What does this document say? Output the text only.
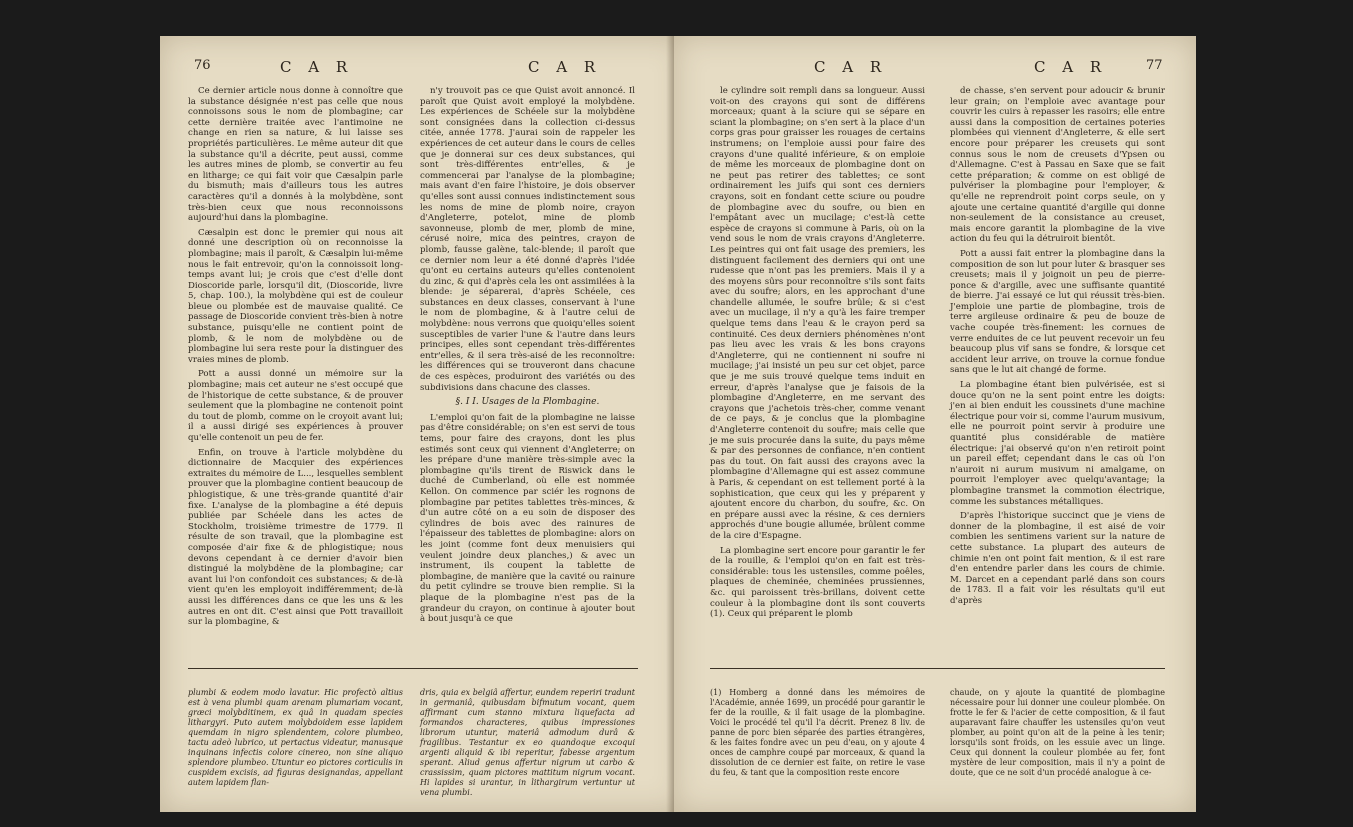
76	C A R	C A R

Ce dernier article nous donne à connoître que la substance désignée n'est pas celle que nous connoissons sous le nom de plombagine; car cette dernière traitée avec l'antimoine ne change en rien sa nature, & lui laisse ses propriétés particulières. Le même auteur dit que la substance qu'il a décrite, peut aussi, comme les autres mines de plomb, se convertir au feu en litharge; ce qui fait voir que Cæsalpin parle du bismuth; mais d'ailleurs tous les autres caractères qu'il a donnés à la molybdène, sont très-bien ceux que nous reconnoissons aujourd'hui dans la plombagine.

Cæsalpin est donc le premier qui nous ait donné une description où on reconnoisse la plombagine; mais il paroît, & Cæsalpin lui-même nous le fait entrevoir, qu'on la connoissoit long-temps avant lui; je crois que c'est d'elle dont Dioscoride parle, lorsqu'il dit, (Dioscoride, livre 5, chap. 100.), la molybdène qui est de couleur bleue ou plombée est de mauvaise qualité. Ce passage de Dioscoride convient très-bien à notre substance, puisqu'elle ne contient point de plomb, & le nom de molybdène ou de plombagine lui sera reste pour la distinguer des vraies mines de plomb.

Pott a aussi donné un mémoire sur la plombagine; mais cet auteur ne s'est occupé que de l'historique de cette substance, & de prouver seulement que la plombagine ne contenoit point du tout de plomb, comme on le croyoit avant lui; il a aussi dirigé ses expériences à prouver qu'elle contenoit un peu de fer.

Enfin, on trouve à l'article molybdène du dictionnaire de Macquier des expériences extraites du mémoire de L..., lesquelles semblent prouver que la plombagine contient beaucoup de phlogistique, & une très-grande quantité d'air fixe. L'analyse de la plombagine a été depuis publiée par Schéele dans les actes de Stockholm, troisième trimestre de 1779. Il résulte de son travail, que la plombagine est composée d'air fixe & de phlogistique; nous devons cependant à ce dernier d'avoir bien distingué la molybdène de la plombagine; car avant lui l'on confondoit ces substances; & de-là vient qu'en les employoit indifféremment; de-là aussi les différences dans ce que les uns & les autres en ont dit. C'est ainsi que Pott travailloit sur la plombagine, &

n'y trouvoit pas ce que Quist avoit annoncé. Il paroît que Quist avoit employé la molybdène. Les expériences de Schéele sur la molybdène sont consignées dans la collection ci-dessus citée, année 1778. J'aurai soin de rappeler les expériences de cet auteur dans le cours de celles que je donnerai sur ces deux substances, qui sont très-différentes entr'elles, & je commencerai par l'analyse de la plombagine; mais avant d'en faire l'histoire, je dois observer qu'elles sont aussi connues indistinctement sous les noms de mine de plomb noire, crayon d'Angleterre, potelot, mine de plomb savonneuse, plomb de mer, plomb de mine, cérusé noire, mica des peintres, crayon de plomb, fausse galène, talc-blende; il paroît que ce dernier nom leur a été donné d'après l'idée qu'ont eu certains auteurs qu'elles contenoient du zinc, & qui d'après cela les ont assimilées à la blende: je séparerai, d'après Schéele, ces substances en deux classes, conservant à l'une le nom de plombagine, & à l'autre celui de molybdène: nous verrons que quoiqu'elles soient susceptibles de varier l'une & l'autre dans leurs principes, elles sont cependant très-différentes entr'elles, & il sera très-aisé de les reconnoître: les différences qui se trouveront dans chacune de ces espèces, produiront des variétés ou des subdivisions dans chacune des classes.

§. I I. Usages de la Plombagine.

L'emploi qu'on fait de la plombagine ne laisse pas d'être considérable; on s'en est servi de tous tems, pour faire des crayons, dont les plus estimés sont ceux qui viennent d'Angleterre; on les prépare d'une manière très-simple avec la plombagine qu'ils tirent de Riswick dans le duché de Cumberland, où elle est nommée Kellon. On commence par sciér les rognons de plombagine par petites tablettes très-minces, & d'un autre côté on a eu soin de disposer des cylindres de bois avec des rainures de l'épaisseur des tablettes de plombagine: alors on les joint (comme font deux menuisiers qui veulent joindre deux planches,) & avec un instrument, ils coupent la tablette de plombagine, de manière que la cavité ou rainure du petit cylindre se trouve bien remplie. Si la plaque de la plombagine n'est pas de la grandeur du crayon, on continue à ajouter bout à bout jusqu'à ce que

plumbi & eodem modo lavatur. Hic profectò altius est à vena plumbi quam arenam plumariam vocant, græci molybditinem, ex quâ in quadam species lithargyri. Puto autem molybdoidem esse lapidem quemdam in nigro splendentem, colore plumbeo, tactu adeò lubrico, ut pertactus videatur, manusque inquinans infectis colore cinereo, non sine aliquo splendore plumbeo. Utuntur eo pictores corticulis in cuspidem excisis, ad figuras designandas, appellant autem lapidem flan-
dris, quia ex belgiâ affertur, eundem reperiri tradunt in germaniâ, quibusdam bifmutum vocant, quem affirmant cum stanno mixtura liquefacta ad formandos characteres, quibus impressiones librorum utuntur, materiâ admodum durâ & fragilibus. Testantur ex eo quandoque excoqui argenti aliquid & ibi reperitur, fabesse argentum sperant. Aliud genus affertur nigrum ut carbo & crassissim, quam pictores mattitum nigrum vocant. Hi lapides si urantur, in lithargirum vertuntur ut vena plumbi.
C A R	C A R	77

le cylindre soit rempli dans sa longueur. Aussi voit-on des crayons qui sont de différens morceaux; quant à la sciure qui se sépare en sciant la plombagine; on s'en sert à la place d'un corps gras pour graisser les rouages de certains instrumens; on l'emploie aussi pour faire des crayons d'une qualité inférieure, & on emploie de même les morceaux de plombagine dont on ne peut pas retirer des tablettes; ce sont ordinairement les juifs qui sont ces derniers crayons, soit en fondant cette sciure ou poudre de plombagine avec du soufre, ou bien en l'empâtant avec un mucilage; c'est-là cette espèce de crayons si commune à Paris, où on la vend sous le nom de vrais crayons d'Angleterre. Les peintres qui ont fait usage des premiers, les distinguent facilement des derniers qui ont une rudesse que n'ont pas les premiers. Mais il y a des moyens sûrs pour reconnoître s'ils sont faits avec du soufre; alors, en les approchant d'une chandelle allumée, le soufre brûle; & si c'est avec un mucilage, il n'y a qu'à les faire tremper quelque tems dans l'eau & le crayon perd sa continuité. Ces deux derniers phénomènes n'ont pas lieu avec les vrais & les bons crayons d'Angleterre, qui ne contiennent ni soufre ni mucilage; j'ai insisté un peu sur cet objet, parce que je me suis trouvé quelque tems induit en erreur, d'après l'analyse que je faisois de la plombagine d'Angleterre, en me servant des crayons que j'achetois très-cher, comme venant de ce pays, & je conclus que la plombagine d'Angleterre contenoit du soufre; mais celle que je me suis procurée dans la suite, du pays même & par des personnes de confiance, n'en contient pas du tout. On fait aussi des crayons avec la plombagine d'Allemagne qui est assez commune à Paris, & cependant on est tellement porté à la sophistication, que ceux qui les y préparent y ajoutent encore du charbon, du soufre, &c. On en prépare aussi avec la résine, & ces derniers approchés d'une bougie allumée, brûlent comme de la cire d'Espagne.

La plombagine sert encore pour garantir le fer de la rouille, & l'emploi qu'on en fait est très-considérable: tous les ustensiles, comme poêles, plaques de cheminée, cheminées prussiennes, &c. qui paroissent très-brillans, doivent cette couleur à la plombagine dont ils sont couverts (1). Ceux qui préparent le plomb

de chasse, s'en servent pour adoucir & brunir leur grain; on l'emploie avec avantage pour couvrir les cuirs à repasser les rasoirs; elle entre aussi dans la composition de certaines poteries plombées qui viennent d'Angleterre, & elle sert encore pour préparer les creusets qui sont connus sous le nom de creusets d'Ypsen ou d'Allemagne. C'est à Passau en Saxe que se fait cette préparation; & comme on est obligé de pulvériser la plombagine pour l'employer, & qu'elle ne reprendroit point corps seule, on y ajoute une certaine quantité d'argille qui donne non-seulement de la consistance au creuset, mais encore garantit la plombagine de la vive action du feu qui la détruiroit bientôt.

Pott a aussi fait entrer la plombagine dans la composition de son lut pour luter & brasquer ses creusets; mais il y joignoit un peu de pierre-ponce & d'argille, avec une suffisante quantité de bierre. J'ai essayé ce lut qui réussit très-bien. J'emploie une partie de plombagine, trois de terre argileuse ordinaire & peu de bouze de vache coupée très-finement: les cornues de verre enduites de ce lut peuvent recevoir un feu beaucoup plus vif sans se fondre, & lorsque cet accident leur arrive, on trouve la cornue fondue sans que le lut ait changé de forme.

La plombagine étant bien pulvérisée, est si douce qu'on ne la sent point entre les doigts: j'en ai bien enduit les coussinets d'une machine électrique pour voir si, comme l'aurum musivum, elle ne pourroit point servir à produire une quantité plus considérable de matière électrique: j'ai observé qu'on n'en retiroit point un pareil effet; cependant dans le cas où l'on n'auroit ni aurum musivum ni amalgame, on pourroit l'employer avec quelqu'avantage; la plombagine transmet la commotion électrique, comme les substances métalliques.

D'après l'historique succinct que je viens de donner de la plombagine, il est aisé de voir combien les sentimens varient sur la nature de cette substance. La plupart des auteurs de chimie n'en ont point fait mention, & il est rare d'en entendre parler dans les cours de chimie. M. Darcet en a cependant parlé dans son cours de 1783. Il a fait voir les résultats qu'il eut d'après

(1) Homberg a donné dans les mémoires de l'Académie, année 1699, un procédé pour garantir le fer de la rouille, & il fait usage de la plombagine. Voici le procédé tel qu'il l'a décrit. Prenez 8 liv. de panne de porc bien séparée des parties étrangères, & les faites fondre avec un peu d'eau, on y ajoute 4 onces de camphre coupé par morceaux, & quand la dissolution de ce dernier est faite, on retire le vase du feu, & tant que la composition reste encore
chaude, on y ajoute la quantité de plombagine nécessaire pour lui donner une couleur plombée. On frotte le fer & l'acier de cette composition, & il faut auparavant faire chauffer les ustensiles qu'on veut plomber, au point qu'on ait de la peine à les tenir; lorsqu'ils sont froids, on les essuie avec un linge. Ceux qui donnent la couleur plombée au fer, font mystère de leur composition, mais il n'y a point de doute, que ce ne soit d'un procédé analogue à ce-
